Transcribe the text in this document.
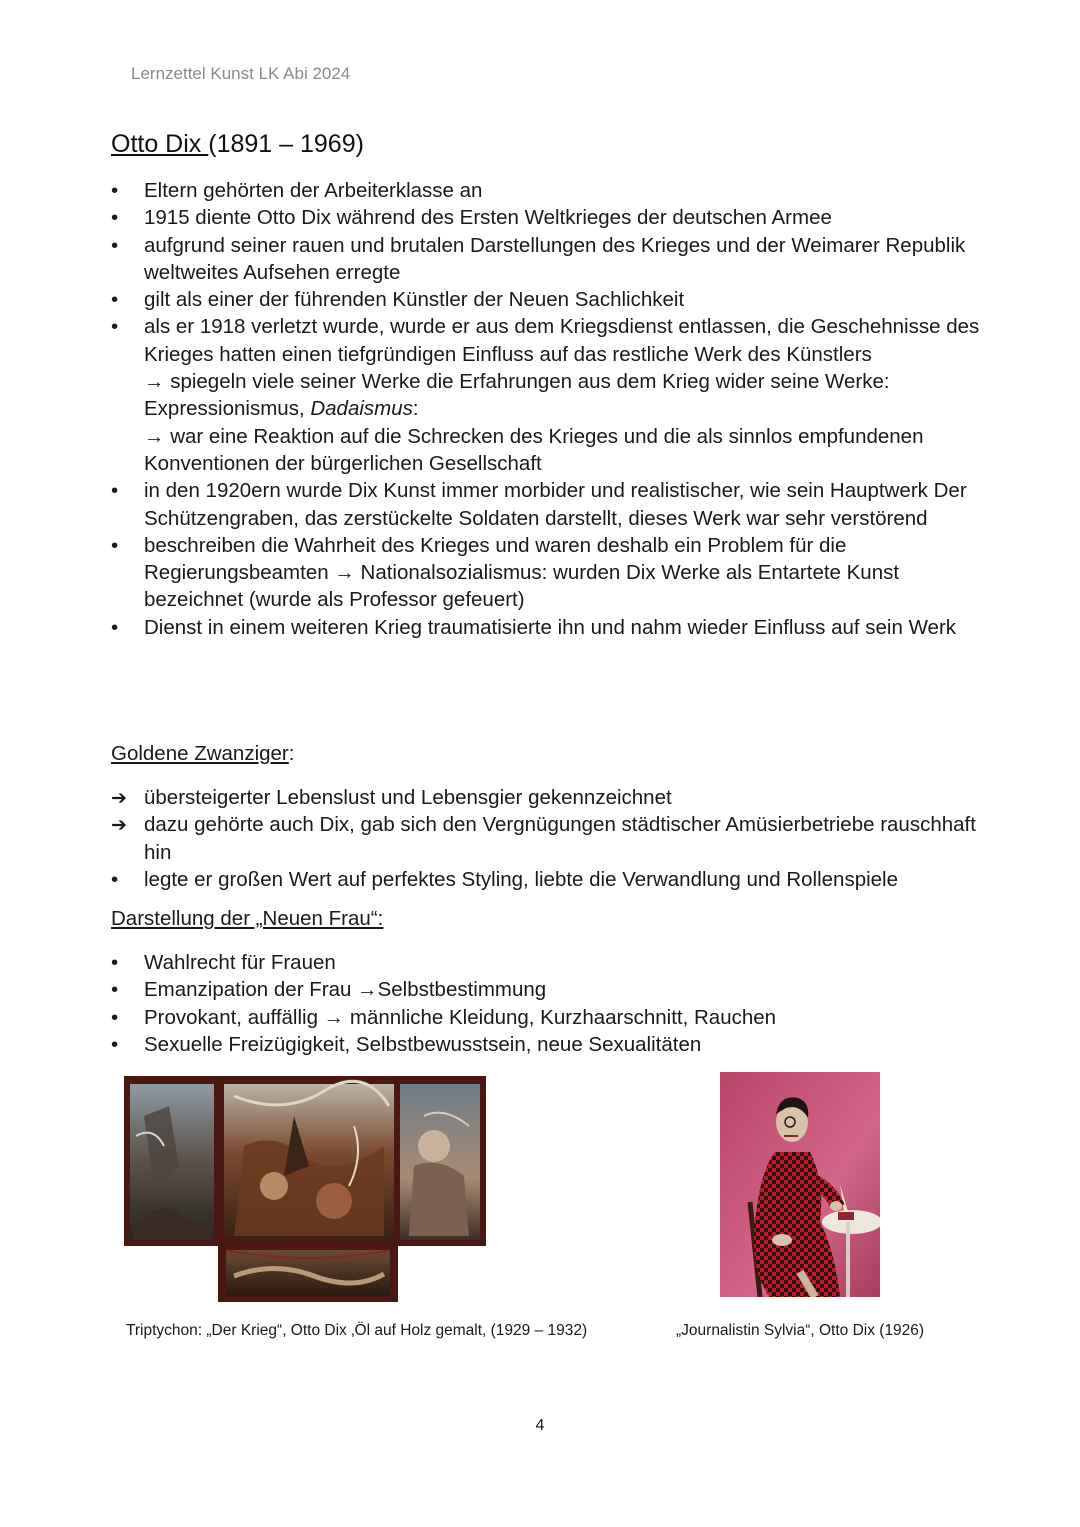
Lernzettel Kunst LK Abi 2024
Otto Dix (1891 – 1969)
• Eltern gehörten der Arbeiterklasse an
• 1915 diente Otto Dix während des Ersten Weltkrieges der deutschen Armee
• aufgrund seiner rauen und brutalen Darstellungen des Krieges und der Weimarer Republik weltweites Aufsehen erregte
• gilt als einer der führenden Künstler der Neuen Sachlichkeit
• als er 1918 verletzt wurde, wurde er aus dem Kriegsdienst entlassen, die Geschehnisse des Krieges hatten einen tiefgründigen Einfluss auf das restliche Werk des Künstlers
→ spiegeln viele seiner Werke die Erfahrungen aus dem Krieg wider seine Werke: Expressionismus, Dadaismus:
→ war eine Reaktion auf die Schrecken des Krieges und die als sinnlos empfundenen Konventionen der bürgerlichen Gesellschaft
• in den 1920ern wurde Dix Kunst immer morbider und realistischer, wie sein Hauptwerk Der Schützengraben, das zerstückelte Soldaten darstellt, dieses Werk war sehr verstörend
• beschreiben die Wahrheit des Krieges und waren deshalb ein Problem für die Regierungsbeamten → Nationalsozialismus: wurden Dix Werke als Entartete Kunst bezeichnet (wurde als Professor gefeuert)
• Dienst in einem weiteren Krieg traumatisierte ihn und nahm wieder Einfluss auf sein Werk
Goldene Zwanziger:
➔ übersteigerter Lebenslust und Lebensgier gekennzeichnet
➔ dazu gehörte auch Dix, gab sich den Vergnügungen städtischer Amüsierbetriebe rauschhaft hin
• legte er großen Wert auf perfektes Styling, liebte die Verwandlung und Rollenspiele
Darstellung der „Neuen Frau“:
• Wahlrecht für Frauen
• Emanzipation der Frau →Selbstbestimmung
• Provokant, auffällig → männliche Kleidung, Kurzhaarschnitt, Rauchen
• Sexuelle Freizügigkeit, Selbstbewusstsein, neue Sexualitäten
Triptychon: „Der Krieg“, Otto Dix ‚Öl auf Holz gemalt, (1929 – 1932)	„Journalistin Sylvia“, Otto Dix (1926)
4
